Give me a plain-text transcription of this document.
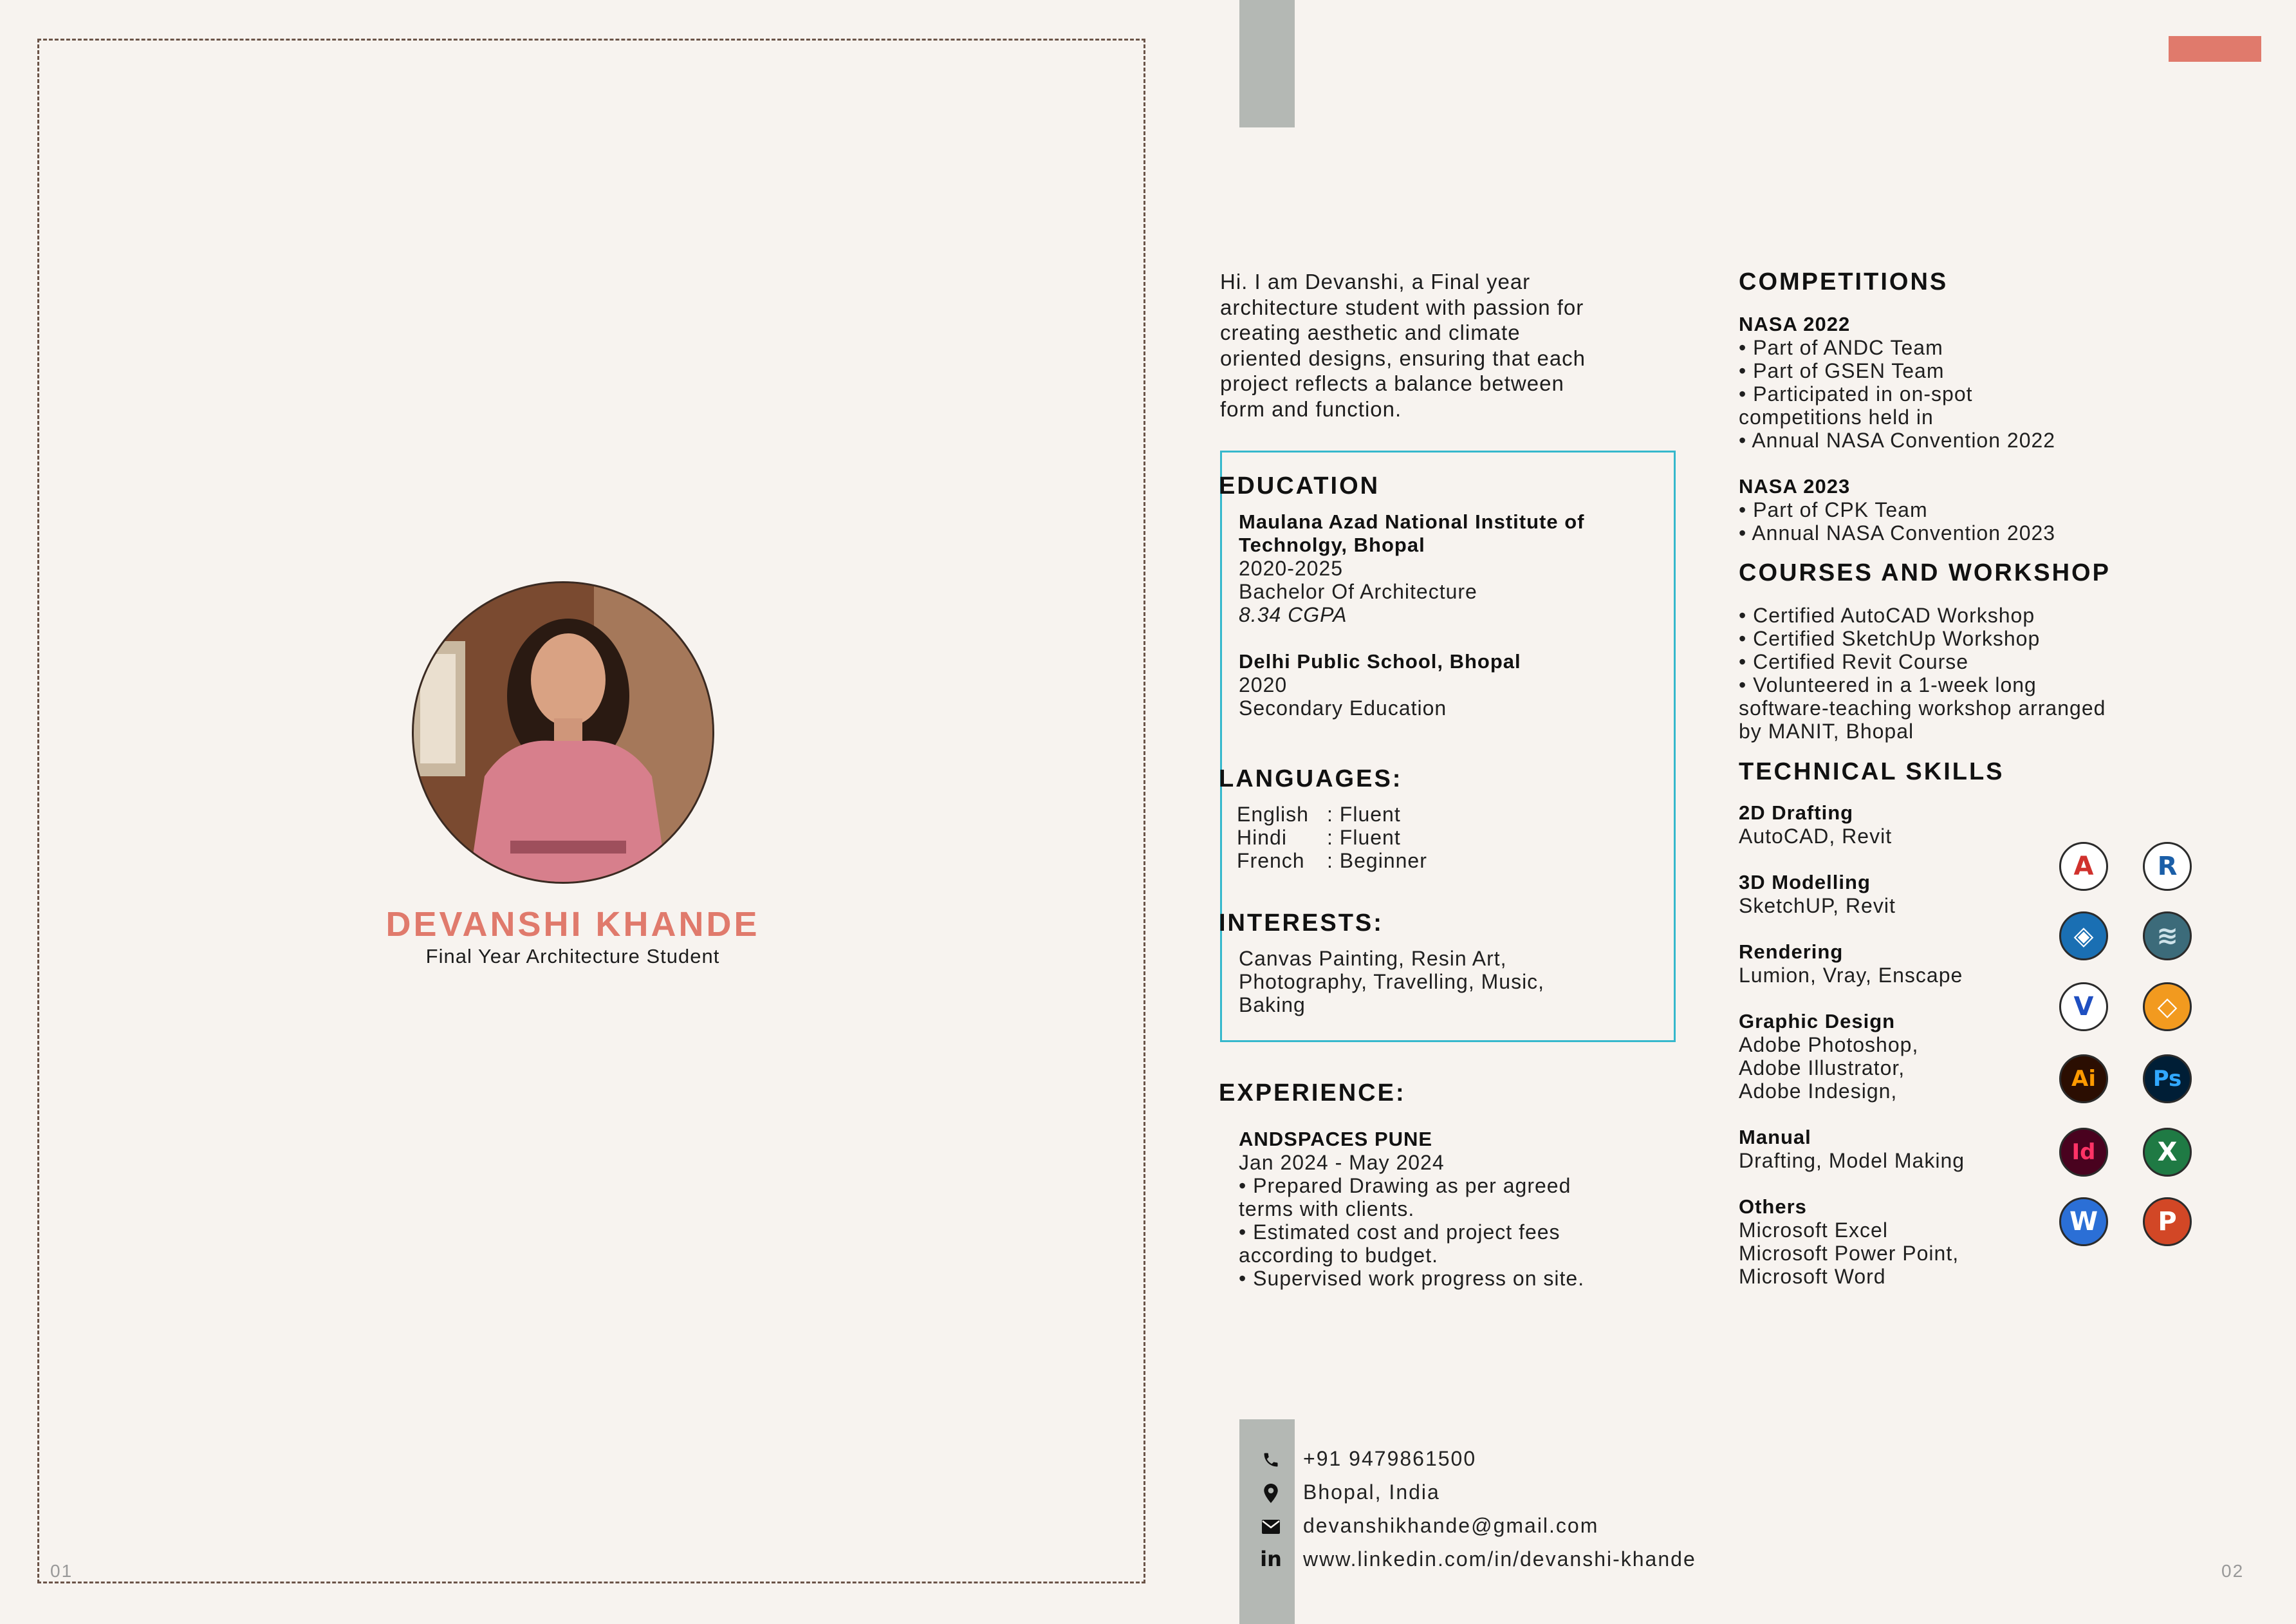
DEVANSHI KHANDE
Final Year Architecture Student
01
Hi. I am Devanshi, a Final year
architecture student with passion for
creating aesthetic and climate
oriented designs, ensuring that each
project reflects a balance between
form and function.
EDUCATION
Maulana Azad National Institute of
Technolgy, Bhopal
2020-2025
Bachelor Of Architecture
8.34 CGPA
Delhi Public School, Bhopal
2020
Secondary Education
LANGUAGES:
English : Fluent
Hindi : Fluent
French : Beginner
INTERESTS:
Canvas Painting, Resin Art,
Photography, Travelling, Music,
Baking
EXPERIENCE:
ANDSPACES PUNE
Jan 2024 - May 2024
• Prepared Drawing as per agreed
terms with clients.
• Estimated cost and project fees
according to budget.
• Supervised work progress on site.
COMPETITIONS
NASA 2022
• Part of ANDC Team
• Part of GSEN Team
• Participated in on-spot
competitions held in
• Annual NASA Convention 2022
NASA 2023
• Part of CPK Team
• Annual NASA Convention 2023
COURSES AND WORKSHOP
• Certified AutoCAD Workshop
• Certified SketchUp Workshop
• Certified Revit Course
• Volunteered in a 1-week long
software-teaching workshop arranged
by MANIT, Bhopal
TECHNICAL SKILLS
2D Drafting
AutoCAD, Revit
3D Modelling
SketchUP, Revit
Rendering
Lumion, Vray, Enscape
Graphic Design
Adobe Photoshop,
Adobe Illustrator,
Adobe Indesign,
Manual
Drafting, Model Making
Others
Microsoft Excel
Microsoft Power Point,
Microsoft Word
A	R
◈	≋
V	◇
Ai	Ps
Id	X
W	P
+91 9479861500
Bhopal, India
devanshikhande@gmail.com
in www.linkedin.com/in/devanshi-khande
02
